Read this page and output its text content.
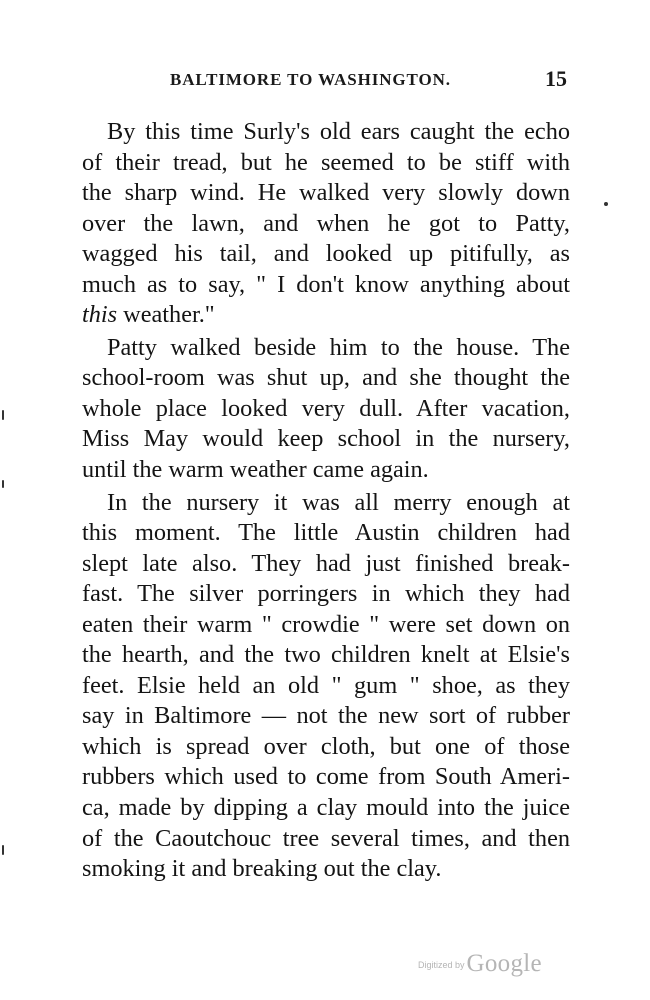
BALTIMORE TO WASHINGTON.	15
By this time Surly's old ears caught the echo
of their tread, but he seemed to be stiff with
the sharp wind. He walked very slowly down
over the lawn, and when he got to Patty,
wagged his tail, and looked up pitifully, as
much as to say, " I don't know anything about
this weather."
Patty walked beside him to the house. The
school-room was shut up, and she thought the
whole place looked very dull. After vacation,
Miss May would keep school in the nursery,
until the warm weather came again.
In the nursery it was all merry enough at
this moment. The little Austin children had
slept late also. They had just finished break-
fast. The silver porringers in which they had
eaten their warm " crowdie " were set down on
the hearth, and the two children knelt at Elsie's
feet. Elsie held an old " gum " shoe, as they
say in Baltimore — not the new sort of rubber
which is spread over cloth, but one of those
rubbers which used to come from South Ameri-
ca, made by dipping a clay mould into the juice
of the Caoutchouc tree several times, and then
smoking it and breaking out the clay.
Digitized byGoogle
